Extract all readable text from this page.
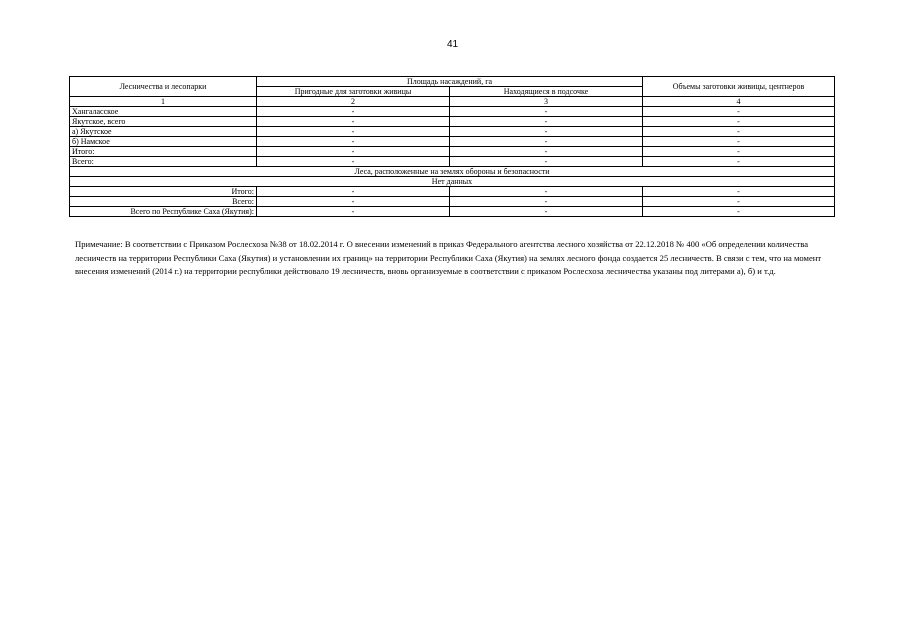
41
Лесничества и лесопарки	Площадь насаждений, га		Объемы заготовки живицы, центнеров
	Пригодные для заготовки живицы	Находящиеся в подсочке	
1	2	3	4
Хангаласское	-	-	-
Якутское, всего	-	-	-
а) Якутское	-	-	-
б) Намское	-	-	-
Итого:	-	-	-
Всего:	-	-	-
Леса, расположенные на землях обороны и безопасности			
Нет данных			
Итого:	-	-	-
Всего:	-	-	-
Всего по Республике Саха (Якутия):	-	-	-
Примечание: В соответствии с Приказом Рослесхоза №38 от 18.02.2014 г. О внесении изменений в приказ Федерального агентства лесного хозяйства от 22.12.2018 № 400 «Об определении количества лесничеств на территории Республики Саха (Якутия) и установлении их границ» на территории Республики Саха (Якутия) на землях лесного фонда создается 25 лесничеств. В связи с тем, что на момент внесения изменений (2014 г.) на территории республики действовало 19 лесничеств, вновь организуемые в соответствии с приказом Рослесхоза лесничества указаны под литерами а), б) и т.д.
